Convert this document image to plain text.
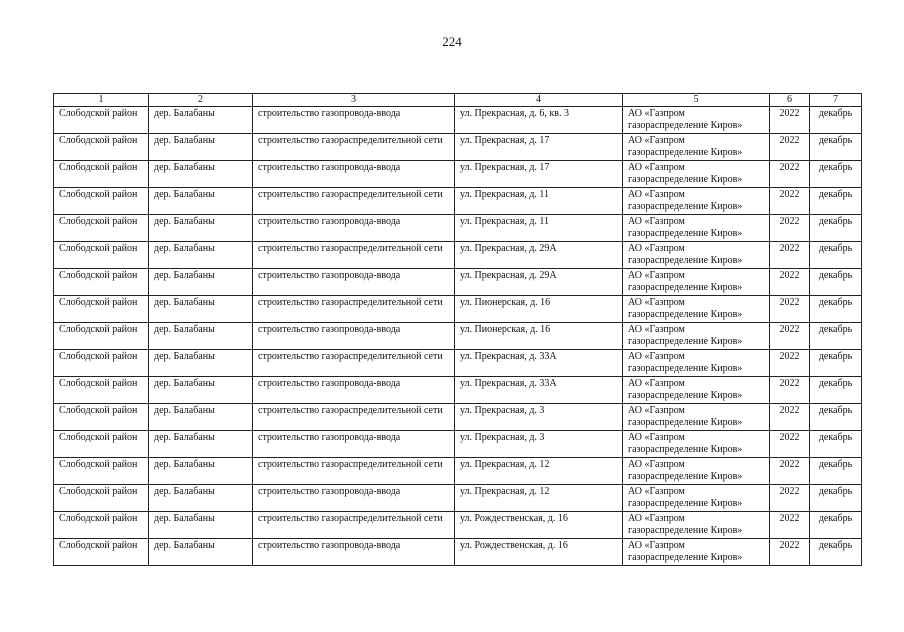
224
1	2	3	4	5	6	7
Слободской район	дер. Балабаны	строительство газопровода-ввода	ул. Прекрасная, д. 6, кв. 3	АО «Газпром газораспределение Киров»	2022	декабрь
Слободской район	дер. Балабаны	строительство газораспределительной сети	ул. Прекрасная, д. 17	АО «Газпром газораспределение Киров»	2022	декабрь
Слободской район	дер. Балабаны	строительство газопровода-ввода	ул. Прекрасная, д. 17	АО «Газпром газораспределение Киров»	2022	декабрь
Слободской район	дер. Балабаны	строительство газораспределительной сети	ул. Прекрасная, д. 11	АО «Газпром газораспределение Киров»	2022	декабрь
Слободской район	дер. Балабаны	строительство газопровода-ввода	ул. Прекрасная, д. 11	АО «Газпром газораспределение Киров»	2022	декабрь
Слободской район	дер. Балабаны	строительство газораспределительной сети	ул. Прекрасная, д. 29А	АО «Газпром газораспределение Киров»	2022	декабрь
Слободской район	дер. Балабаны	строительство газопровода-ввода	ул. Прекрасная, д. 29А	АО «Газпром газораспределение Киров»	2022	декабрь
Слободской район	дер. Балабаны	строительство газораспределительной сети	ул. Пионерская, д. 16	АО «Газпром газораспределение Киров»	2022	декабрь
Слободской район	дер. Балабаны	строительство газопровода-ввода	ул. Пионерская, д. 16	АО «Газпром газораспределение Киров»	2022	декабрь
Слободской район	дер. Балабаны	строительство газораспределительной сети	ул. Прекрасная, д. 33А	АО «Газпром газораспределение Киров»	2022	декабрь
Слободской район	дер. Балабаны	строительство газопровода-ввода	ул. Прекрасная, д. 33А	АО «Газпром газораспределение Киров»	2022	декабрь
Слободской район	дер. Балабаны	строительство газораспределительной сети	ул. Прекрасная, д. 3	АО «Газпром газораспределение Киров»	2022	декабрь
Слободской район	дер. Балабаны	строительство газопровода-ввода	ул. Прекрасная, д. 3	АО «Газпром газораспределение Киров»	2022	декабрь
Слободской район	дер. Балабаны	строительство газораспределительной сети	ул. Прекрасная, д. 12	АО «Газпром газораспределение Киров»	2022	декабрь
Слободской район	дер. Балабаны	строительство газопровода-ввода	ул. Прекрасная, д. 12	АО «Газпром газораспределение Киров»	2022	декабрь
Слободской район	дер. Балабаны	строительство газораспределительной сети	ул. Рождественская, д. 16	АО «Газпром газораспределение Киров»	2022	декабрь
Слободской район	дер. Балабаны	строительство газопровода-ввода	ул. Рождественская, д. 16	АО «Газпром газораспределение Киров»	2022	декабрь
